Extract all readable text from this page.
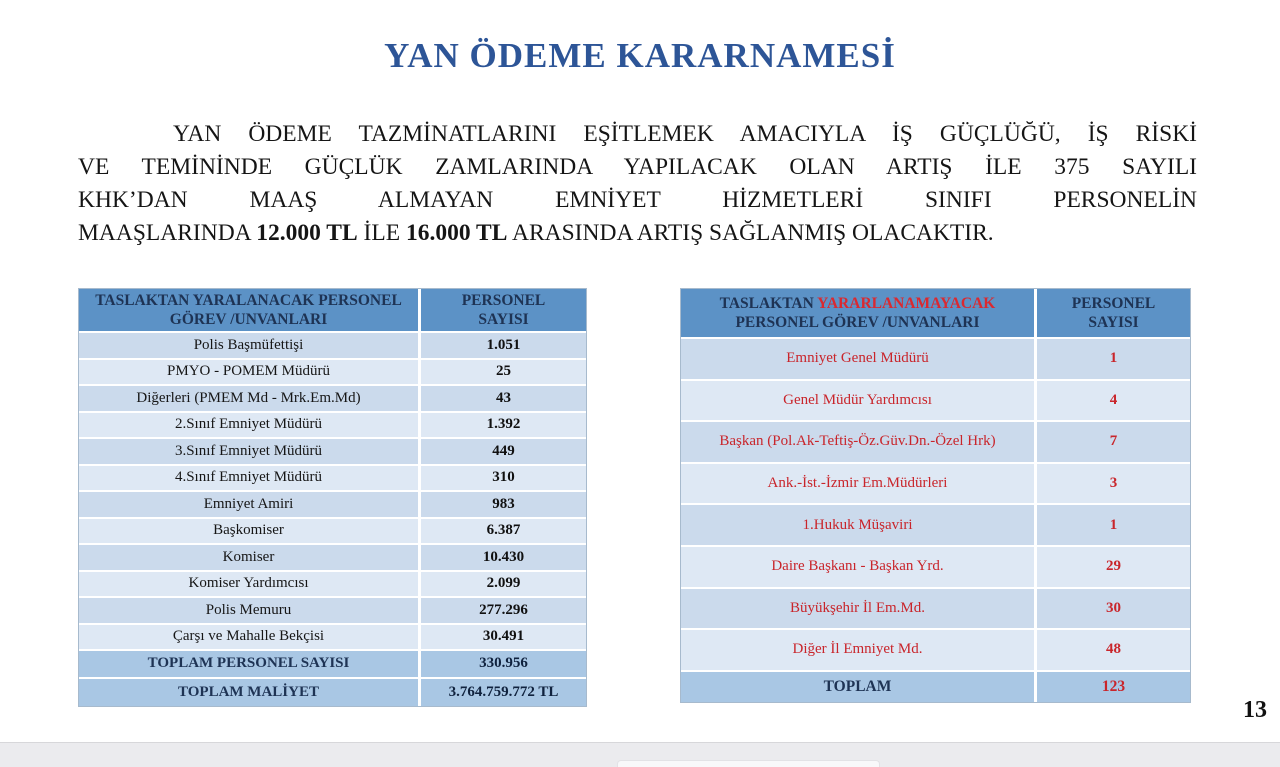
YAN ÖDEME KARARNAMESİ
YAN ÖDEME TAZMİNATLARINI EŞİTLEMEK AMACIYLA İŞ GÜÇLÜĞÜ, İŞ RİSKİ
VE TEMİNİNDE GÜÇLÜK ZAMLARINDA YAPILACAK OLAN ARTIŞ İLE 375 SAYILI
KHK’DAN MAAŞ ALMAYAN EMNİYET HİZMETLERİ SINIFI PERSONELİN
MAAŞLARINDA 12.000 TL İLE 16.000 TL ARASINDA ARTIŞ SAĞLANMIŞ OLACAKTIR.
TASLAKTAN YARALANACAK PERSONEL
GÖREV /UNVANLARI
PERSONEL
SAYISI
Polis Başmüfettişi	1.051
PMYO - POMEM Müdürü	25
Diğerleri (PMEM Md - Mrk.Em.Md)	43
2.Sınıf Emniyet Müdürü	1.392
3.Sınıf Emniyet Müdürü	449
4.Sınıf Emniyet Müdürü	310
Emniyet Amiri	983
Başkomiser	6.387
Komiser	10.430
Komiser Yardımcısı	2.099
Polis Memuru	277.296
Çarşı ve Mahalle Bekçisi	30.491
TOPLAM PERSONEL SAYISI	330.956
TOPLAM MALİYET	3.764.759.772 TL
TASLAKTAN YARARLANAMAYACAK
PERSONEL GÖREV /UNVANLARI
PERSONEL
SAYISI
Emniyet Genel Müdürü	1
Genel Müdür Yardımcısı	4
Başkan (Pol.Ak-Teftiş-Öz.Güv.Dn.-Özel Hrk)	7
Ank.-İst.-İzmir Em.Müdürleri	3
1.Hukuk Müşaviri	1
Daire Başkanı - Başkan Yrd.	29
Büyükşehir İl Em.Md.	30
Diğer İl Emniyet Md.	48
TOPLAM	123
13
